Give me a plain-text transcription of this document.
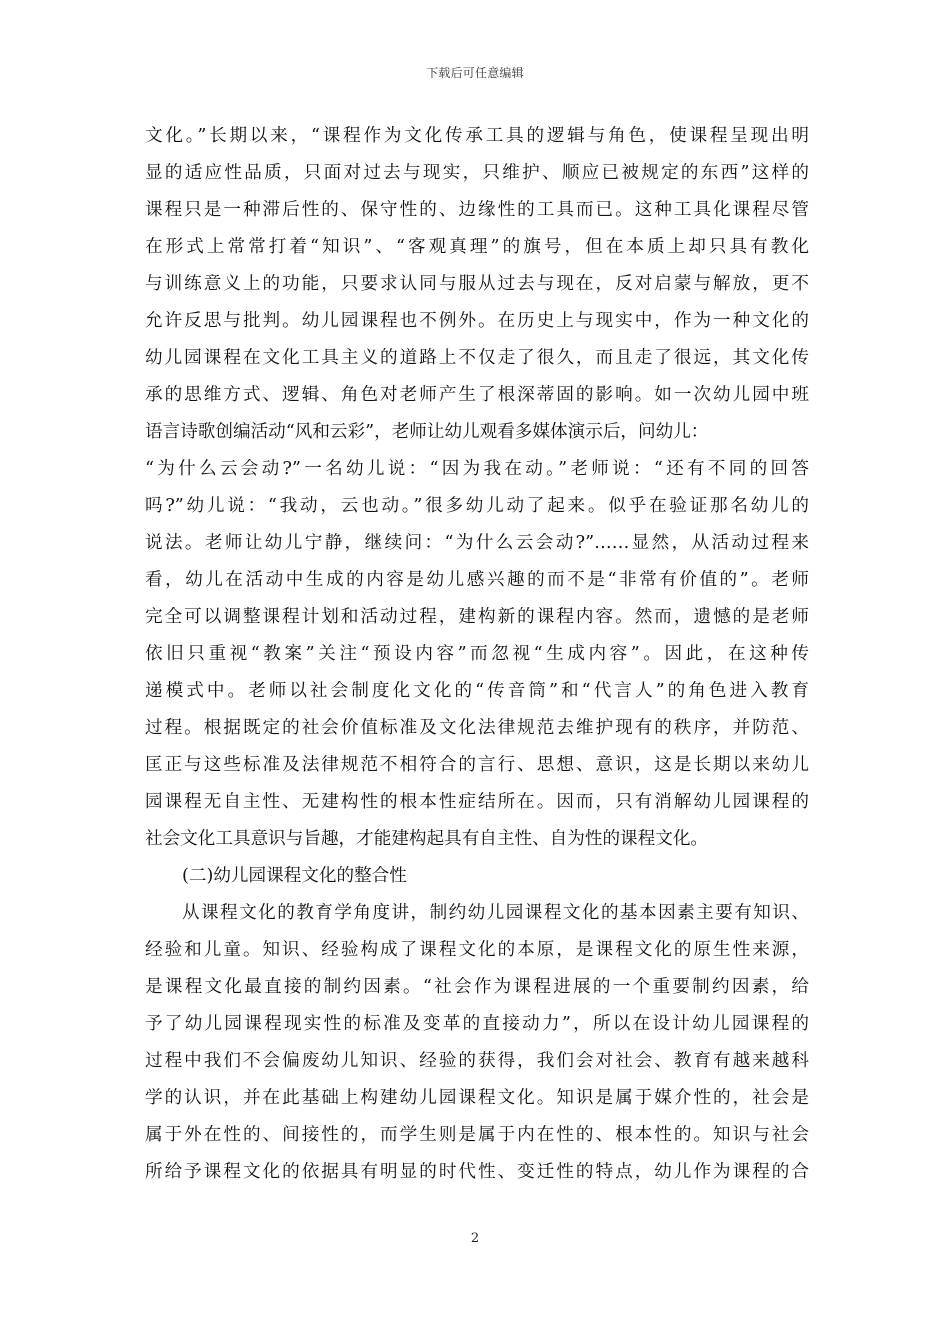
下载后可任意编辑
文化。”长期以来，“课程作为文化传承工具的逻辑与角色，使课程呈现出明
显的适应性品质，只面对过去与现实，只维护、顺应已被规定的东西”这样的
课程只是一种滞后性的、保守性的、边缘性的工具而已。这种工具化课程尽管
在形式上常常打着“知识”、“客观真理”的旗号，但在本质上却只具有教化
与训练意义上的功能，只要求认同与服从过去与现在，反对启蒙与解放，更不
允许反思与批判。幼儿园课程也不例外。在历史上与现实中，作为一种文化的
幼儿园课程在文化工具主义的道路上不仅走了很久，而且走了很远，其文化传
承的思维方式、逻辑、角色对老师产生了根深蒂固的影响。如一次幼儿园中班
语言诗歌创编活动“风和云彩”，老师让幼儿观看多媒体演示后，问幼儿：
“为什么云会动?”一名幼儿说：“因为我在动。”老师说：“还有不同的回答
吗?”幼儿说：“我动，云也动。”很多幼儿动了起来。似乎在验证那名幼儿的
说法。老师让幼儿宁静，继续问：“为什么云会动?”……显然，从活动过程来
看，幼儿在活动中生成的内容是幼儿感兴趣的而不是“非常有价值的”。老师
完全可以调整课程计划和活动过程，建构新的课程内容。然而，遗憾的是老师
依旧只重视“教案”关注“预设内容”而忽视“生成内容”。因此，在这种传
递模式中。老师以社会制度化文化的“传音筒”和“代言人”的角色进入教育
过程。根据既定的社会价值标准及文化法律规范去维护现有的秩序，并防范、
匡正与这些标准及法律规范不相符合的言行、思想、意识，这是长期以来幼儿
园课程无自主性、无建构性的根本性症结所在。因而，只有消解幼儿园课程的
社会文化工具意识与旨趣，才能建构起具有自主性、自为性的课程文化。
(二)幼儿园课程文化的整合性
从课程文化的教育学角度讲，制约幼儿园课程文化的基本因素主要有知识、
经验和儿童。知识、经验构成了课程文化的本原，是课程文化的原生性来源，
是课程文化最直接的制约因素。“社会作为课程进展的一个重要制约因素，给
予了幼儿园课程现实性的标准及变革的直接动力”，所以在设计幼儿园课程的
过程中我们不会偏废幼儿知识、经验的获得，我们会对社会、教育有越来越科
学的认识，并在此基础上构建幼儿园课程文化。知识是属于媒介性的，社会是
属于外在性的、间接性的，而学生则是属于内在性的、根本性的。知识与社会
所给予课程文化的依据具有明显的时代性、变迁性的特点，幼儿作为课程的合
2
